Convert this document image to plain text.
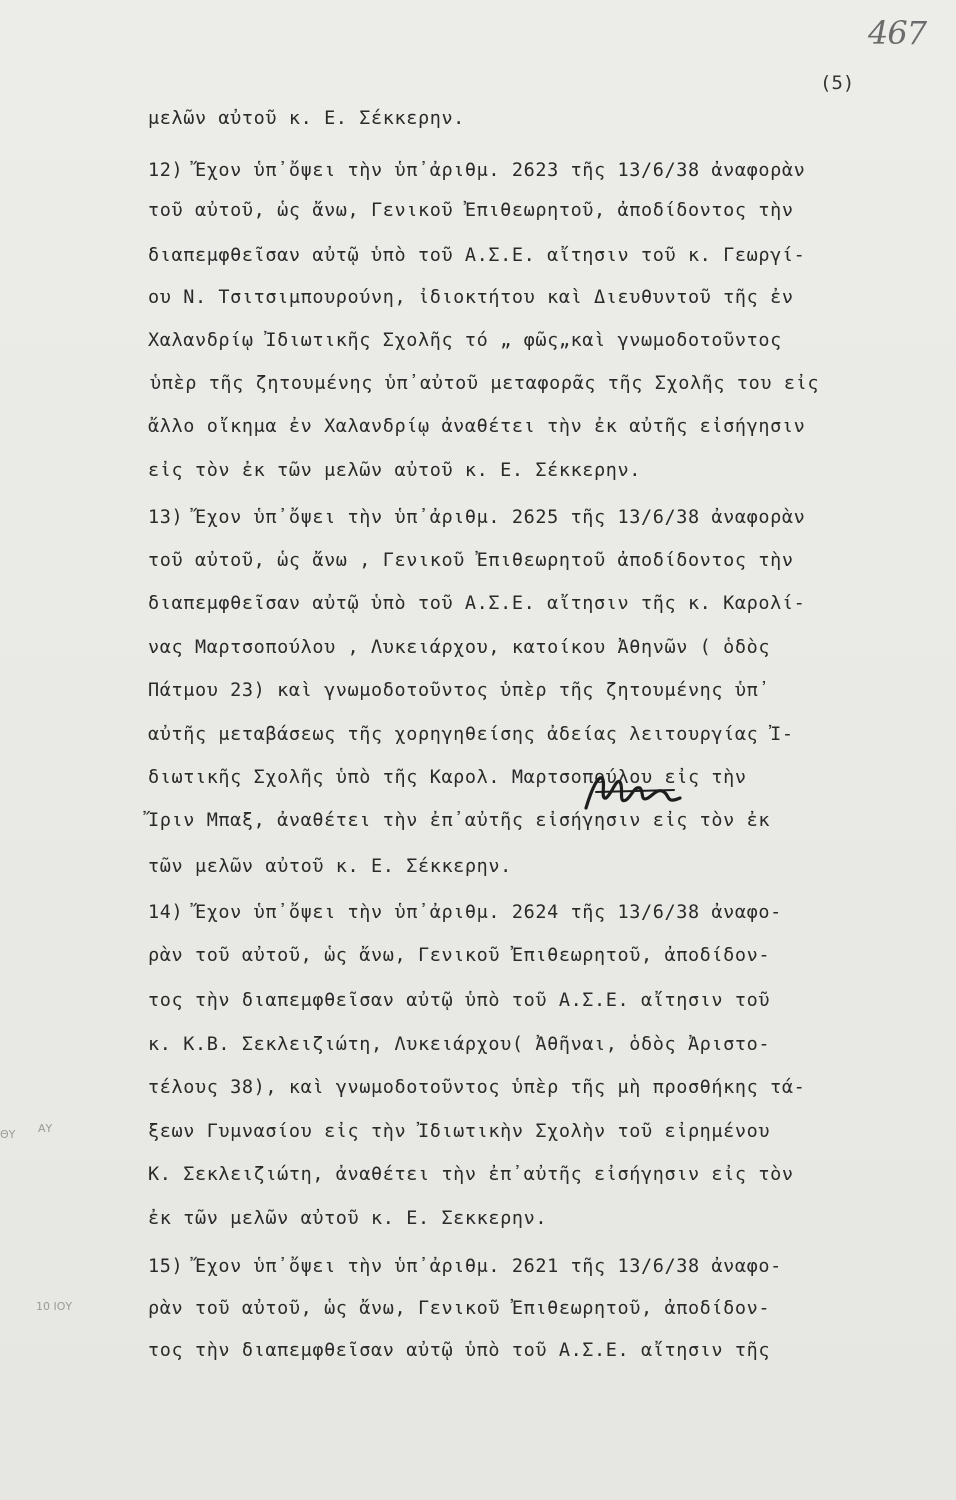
467
(5)
μελῶν αὐτοῦ κ. Ε. Σέκκερην.
12) Ἔχον ὑπ᾿ὄψει τὴν ὑπ᾿ἀριθμ. 2623 τῆς 13/6/38 ἀναφορὰν
τοῦ αὐτοῦ, ὡς ἄνω, Γενικοῦ Ἐπιθεωρητοῦ, ἀποδίδοντος τὴν
διαπεμφθεῖσαν αὐτῷ ὑπὸ τοῦ Α.Σ.Ε. αἴτησιν τοῦ κ. Γεωργί-
ου Ν. Τσιτσιμπουρούνη, ἰδιοκτήτου καὶ Διευθυντοῦ τῆς ἐν
Χαλανδρίῳ Ἰδιωτικῆς Σχολῆς τό „ φῶς„καὶ γνωμοδοτοῦντος
ὑπὲρ τῆς ζητουμένης ὑπ᾿αὐτοῦ μεταφορᾶς τῆς Σχολῆς του εἰς
ἄλλο οἴκημα ἐν Χαλανδρίῳ ἀναθέτει τὴν ἐκ αὐτῆς εἰσήγησιν
εἰς τὸν ἐκ τῶν μελῶν αὐτοῦ κ. Ε. Σέκκερην.
13) Ἔχον ὑπ᾿ὄψει τὴν ὑπ᾿ἀριθμ. 2625 τῆς 13/6/38 ἀναφορὰν
τοῦ αὐτοῦ, ὡς ἄνω , Γενικοῦ Ἐπιθεωρητοῦ ἀποδίδοντος τὴν
διαπεμφθεῖσαν αὐτῷ ὑπὸ τοῦ Α.Σ.Ε. αἴτησιν τῆς κ. Καρολί-
νας Μαρτσοπούλου , Λυκειάρχου, κατοίκου Ἀθηνῶν ( ὁδὸς
Πάτμου 23) καὶ γνωμοδοτοῦντος ὑπὲρ τῆς ζητουμένης ὑπ᾿
αὐτῆς μεταβάσεως τῆς χορηγηθείσης ἀδείας λειτουργίας Ἰ-
διωτικῆς Σχολῆς ὑπὸ τῆς Καρολ. Μαρτσοπούλου εἰς τὴν
Ἴριν Μπαξ, ἀναθέτει τὴν ἐπ᾿αὐτῆς εἰσήγησιν εἰς τὸν ἐκ
τῶν μελῶν αὐτοῦ κ. Ε. Σέκκερην.
14) Ἔχον ὑπ᾿ὄψει τὴν ὑπ᾿ἀριθμ. 2624 τῆς 13/6/38 ἀναφο-
ρὰν τοῦ αὐτοῦ, ὡς ἄνω, Γενικοῦ Ἐπιθεωρητοῦ, ἀποδίδον-
τος τὴν διαπεμφθεῖσαν αὐτῷ ὑπὸ τοῦ Α.Σ.Ε. αἴτησιν τοῦ
κ. Κ.Β. Σεκλειζιώτη, Λυκειάρχου( Ἀθῆναι, ὁδὸς Ἀριστο-
τέλους 38), καὶ γνωμοδοτοῦντος ὑπὲρ τῆς μὴ προσθήκης τά-
ξεων Γυμνασίου εἰς τὴν Ἰδιωτικὴν Σχολὴν τοῦ εἰρημένου
Κ. Σεκλειζιώτη, ἀναθέτει τὴν ἐπ᾿αὐτῆς εἰσήγησιν εἰς τὸν
ἐκ τῶν μελῶν αὐτοῦ κ. Ε. Σεκκερην.
15) Ἔχον ὑπ᾿ὄψει τὴν ὑπ᾿ἀριθμ. 2621 τῆς 13/6/38 ἀναφο-
ρὰν τοῦ αὐτοῦ, ὡς ἄνω, Γενικοῦ Ἐπιθεωρητοῦ, ἀποδίδον-
τος τὴν διαπεμφθεῖσαν αὐτῷ ὑπὸ τοῦ Α.Σ.Ε. αἴτησιν τῆς
ΘΥ ΑΥ
10 ΙΟΥ
